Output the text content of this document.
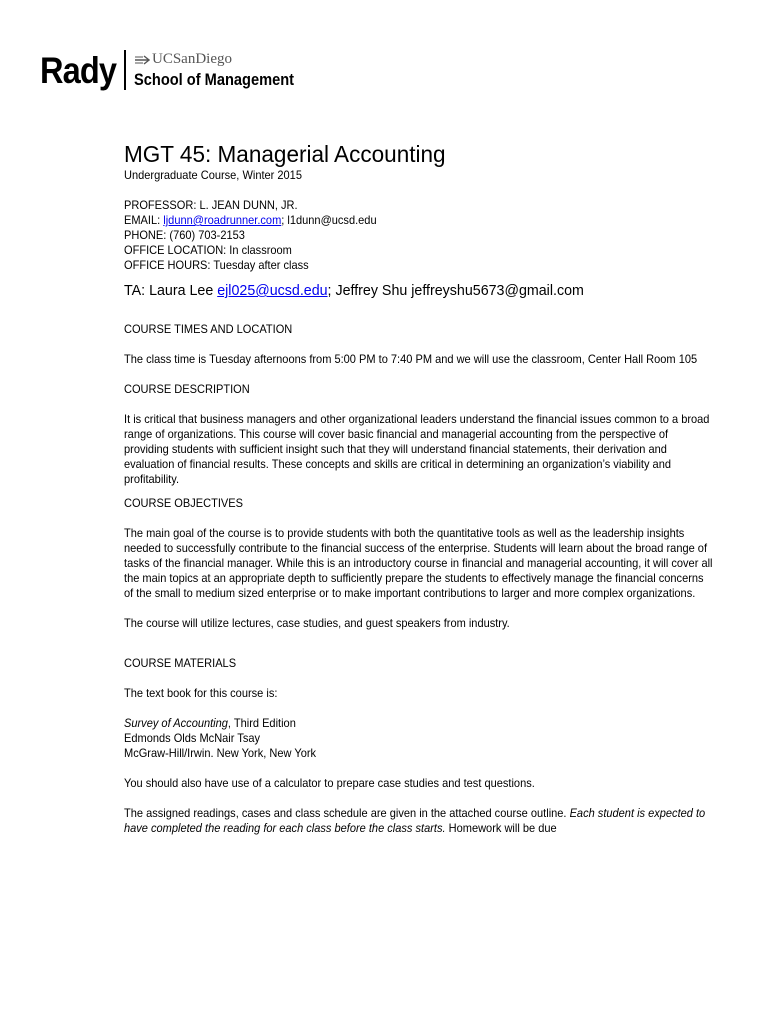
Rady UCSanDiego
School of Management
MGT 45: Managerial Accounting
Undergraduate Course, Winter 2015
PROFESSOR: L. JEAN DUNN, JR.
EMAIL: ljdunn@roadrunner.com; l1dunn@ucsd.edu
PHONE: (760) 703-2153
OFFICE LOCATION: In classroom
OFFICE HOURS: Tuesday after class
TA: Laura Lee ejl025@ucsd.edu; Jeffrey Shu jeffreyshu5673@gmail.com
COURSE TIMES AND LOCATION
The class time is Tuesday afternoons from 5:00 PM to 7:40 PM and we will use the classroom, Center Hall Room 105
COURSE DESCRIPTION
It is critical that business managers and other organizational leaders understand the financial issues common to a broad range of organizations. This course will cover basic financial and managerial accounting from the perspective of providing students with sufficient insight such that they will understand financial statements, their derivation and evaluation of financial results. These concepts and skills are critical in determining an organization’s viability and profitability.
COURSE OBJECTIVES
The main goal of the course is to provide students with both the quantitative tools as well as the leadership insights needed to successfully contribute to the financial success of the enterprise. Students will learn about the broad range of tasks of the financial manager. While this is an introductory course in financial and managerial accounting, it will cover all the main topics at an appropriate depth to sufficiently prepare the students to effectively manage the financial concerns of the small to medium sized enterprise or to make important contributions to larger and more complex organizations.
The course will utilize lectures, case studies, and guest speakers from industry.
COURSE MATERIALS
The text book for this course is:
Survey of Accounting, Third Edition
Edmonds Olds McNair Tsay
McGraw-Hill/Irwin. New York, New York
You should also have use of a calculator to prepare case studies and test questions.
The assigned readings, cases and class schedule are given in the attached course outline. Each student is expected to have completed the reading for each class before the class starts. Homework will be due
